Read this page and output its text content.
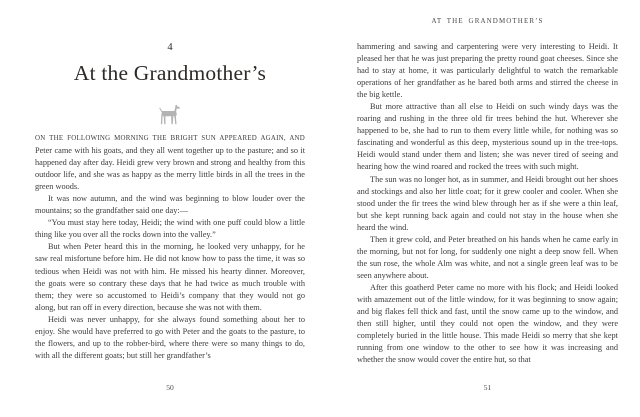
4
At the Grandmother’s

ON THE FOLLOWING MORNING THE BRIGHT SUN APPEARED AGAIN, AND Peter came with his goats, and they all went together up to the pasture; and so it happened day after day. Heidi grew very brown and strong and healthy from this outdoor life, and she was as happy as the merry little birds in all the trees in the green woods.

It was now autumn, and the wind was beginning to blow louder over the mountains; so the grandfather said one day:—

“You must stay here today, Heidi; the wind with one puff could blow a little thing like you over all the rocks down into the valley.”

But when Peter heard this in the morning, he looked very unhappy, for he saw real misfortune before him. He did not know how to pass the time, it was so tedious when Heidi was not with him. He missed his hearty dinner. Moreover, the goats were so contrary these days that he had twice as much trouble with them; they were so accustomed to Heidi’s company that they would not go along, but ran off in every direction, because she was not with them.

Heidi was never unhappy, for she always found something about her to enjoy. She would have preferred to go with Peter and the goats to the pasture, to the flowers, and up to the robber-bird, where there were so many things to do, with all the different goats; but still her grandfather’s

50
AT THE GRANDMOTHER’S

hammering and sawing and carpentering were very interesting to Heidi. It pleased her that he was just preparing the pretty round goat cheeses. Since she had to stay at home, it was particularly delightful to watch the remarkable operations of her grandfather as he bared both arms and stirred the cheese in the big kettle.

But more attractive than all else to Heidi on such windy days was the roaring and rushing in the three old fir trees behind the hut. Wherever she happened to be, she had to run to them every little while, for nothing was so fascinating and wonderful as this deep, mysterious sound up in the tree-tops. Heidi would stand under them and listen; she was never tired of seeing and hearing how the wind roared and rocked the trees with such might.

The sun was no longer hot, as in summer, and Heidi brought out her shoes and stockings and also her little coat; for it grew cooler and cooler. When she stood under the fir trees the wind blew through her as if she were a thin leaf, but she kept running back again and could not stay in the house when she heard the wind.

Then it grew cold, and Peter breathed on his hands when he came early in the morning, but not for long, for suddenly one night a deep snow fell. When the sun rose, the whole Alm was white, and not a single green leaf was to be seen anywhere about.

After this goatherd Peter came no more with his flock; and Heidi looked with amazement out of the little window, for it was beginning to snow again; and big flakes fell thick and fast, until the snow came up to the window, and then still higher, until they could not open the window, and they were completely buried in the little house. This made Heidi so merry that she kept running from one window to the other to see how it was increasing and whether the snow would cover the entire hut, so that

51
